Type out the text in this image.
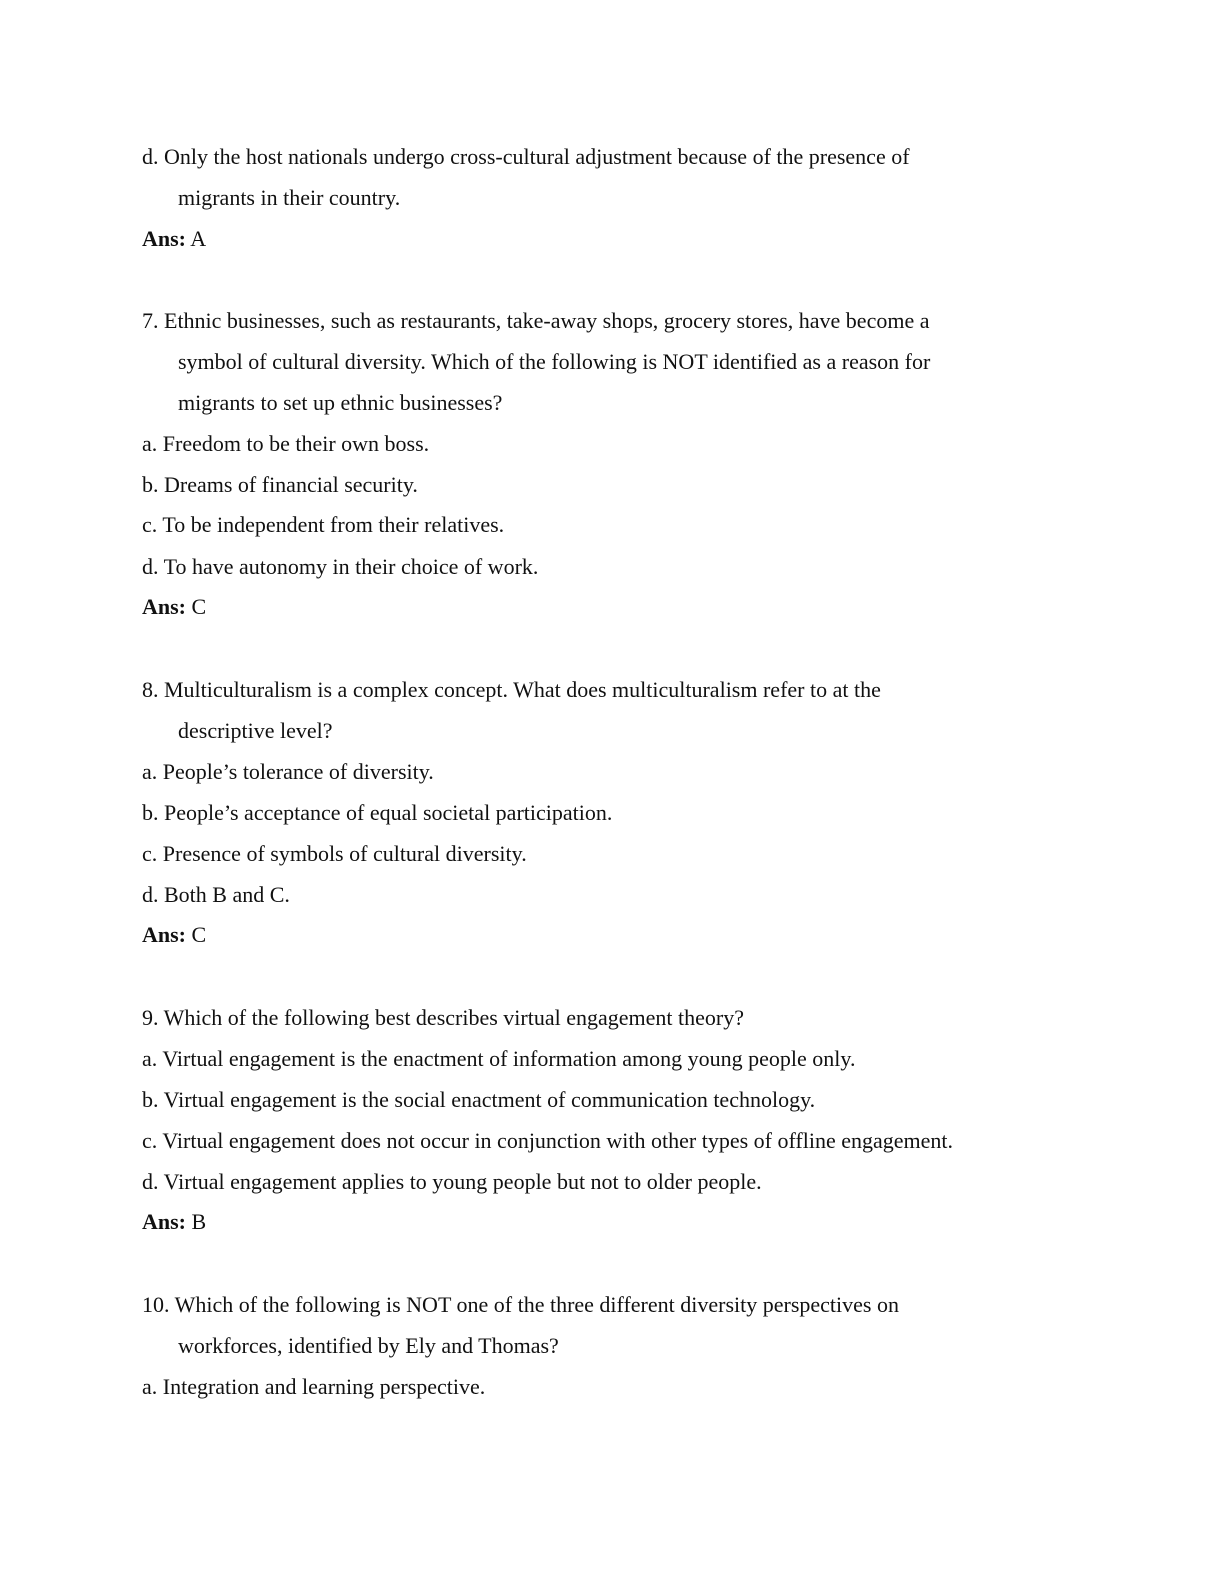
d. Only the host nationals undergo cross-cultural adjustment because of the presence of
migrants in their country.
Ans: A
7. Ethnic businesses, such as restaurants, take-away shops, grocery stores, have become a
symbol of cultural diversity. Which of the following is NOT identified as a reason for
migrants to set up ethnic businesses?
a. Freedom to be their own boss.
b. Dreams of financial security.
c. To be independent from their relatives.
d. To have autonomy in their choice of work.
Ans: C
8. Multiculturalism is a complex concept. What does multiculturalism refer to at the
descriptive level?
a. People’s tolerance of diversity.
b. People’s acceptance of equal societal participation.
c. Presence of symbols of cultural diversity.
d. Both B and C.
Ans: C
9. Which of the following best describes virtual engagement theory?
a. Virtual engagement is the enactment of information among young people only.
b. Virtual engagement is the social enactment of communication technology.
c. Virtual engagement does not occur in conjunction with other types of offline engagement.
d. Virtual engagement applies to young people but not to older people.
Ans: B
10. Which of the following is NOT one of the three different diversity perspectives on
workforces, identified by Ely and Thomas?
a. Integration and learning perspective.
